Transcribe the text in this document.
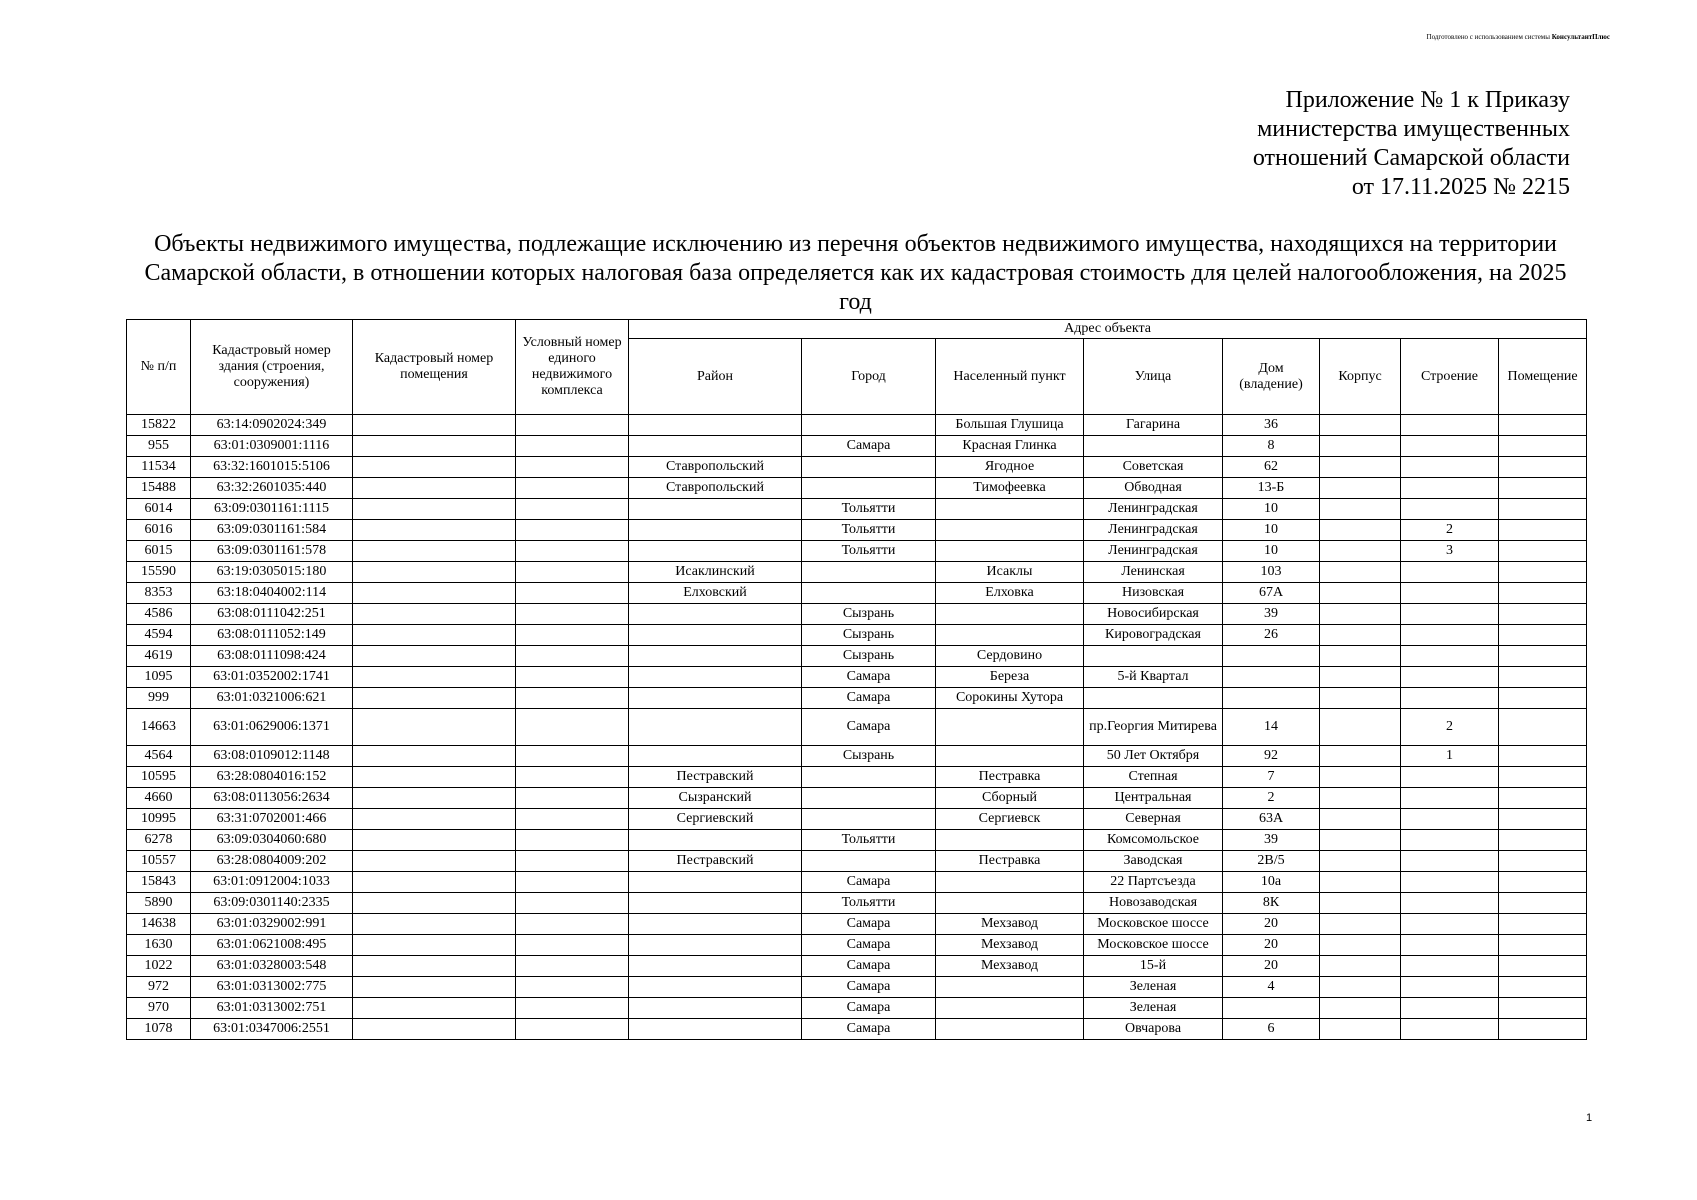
Подготовлено с использованием системы КонсультантПлюс
Приложение № 1 к Приказу
министерства имущественных
отношений Самарской области
от 17.11.2025 № 2215
Объекты недвижимого имущества, подлежащие исключению из перечня объектов недвижимого имущества, находящихся на территории Самарской области, в отношении которых налоговая база определяется как их кадастровая стоимость для целей налогообложения, на 2025 год
№ п/п	Кадастровый номер здания (строения, сооружения)	Кадастровый номер помещения	Условный номер единого недвижимого комплекса	Адрес объекта							
				Район	Город	Населенный пункт	Улица	Дом (владение)	Корпус	Строение	Помещение
15822	63:14:0902024:349					Большая Глушица	Гагарина	36			
955	63:01:0309001:1116				Самара	Красная Глинка		8			
11534	63:32:1601015:5106			Ставропольский		Ягодное	Советская	62			
15488	63:32:2601035:440			Ставропольский		Тимофеевка	Обводная	13-Б			
6014	63:09:0301161:1115				Тольятти		Ленинградская	10			
6016	63:09:0301161:584				Тольятти		Ленинградская	10		2	
6015	63:09:0301161:578				Тольятти		Ленинградская	10		3	
15590	63:19:0305015:180			Исаклинский		Исаклы	Ленинская	103			
8353	63:18:0404002:114			Елховский		Елховка	Низовская	67А			
4586	63:08:0111042:251				Сызрань		Новосибирская	39			
4594	63:08:0111052:149				Сызрань		Кировоградская	26			
4619	63:08:0111098:424				Сызрань	Сердовино					
1095	63:01:0352002:1741				Самара	Береза	5-й Квартал				
999	63:01:0321006:621				Самара	Сорокины Хутора					
14663	63:01:0629006:1371				Самара		пр.Георгия Митирева	14		2	
4564	63:08:0109012:1148				Сызрань		50 Лет Октября	92		1	
10595	63:28:0804016:152			Пестравский		Пестравка	Степная	7			
4660	63:08:0113056:2634			Сызранский		Сборный	Центральная	2			
10995	63:31:0702001:466			Сергиевский		Сергиевск	Северная	63А			
6278	63:09:0304060:680				Тольятти		Комсомольское	39			
10557	63:28:0804009:202			Пестравский		Пестравка	Заводская	2В/5			
15843	63:01:0912004:1033				Самара		22 Партсъезда	10а			
5890	63:09:0301140:2335				Тольятти		Новозаводская	8К			
14638	63:01:0329002:991				Самара	Мехзавод	Московское шоссе	20			
1630	63:01:0621008:495				Самара	Мехзавод	Московское шоссе	20			
1022	63:01:0328003:548				Самара	Мехзавод	15-й	20			
972	63:01:0313002:775				Самара		Зеленая	4			
970	63:01:0313002:751				Самара		Зеленая				
1078	63:01:0347006:2551				Самара		Овчарова	6			
1
